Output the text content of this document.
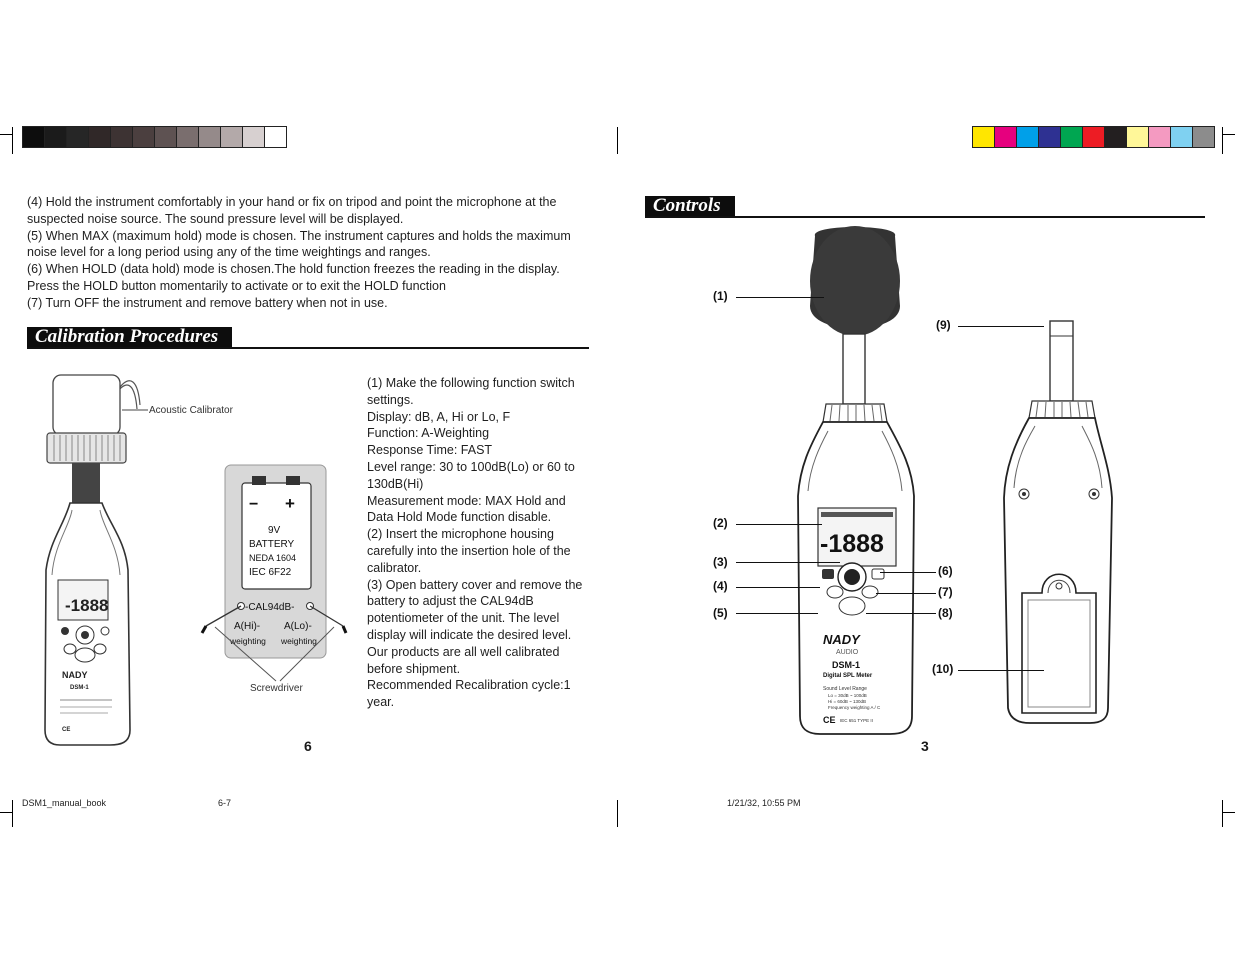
(4) Hold the instrument comfortably in your hand or fix on tripod and point the microphone at the suspected noise source. The sound pressure level will be displayed.
(5) When MAX (maximum hold) mode is chosen. The instrument captures and holds the maximum noise level for a long period using any of the time weightings and ranges.
(6) When HOLD (data hold) mode is chosen.The hold function freezes the reading in the display. Press the HOLD button momentarily to activate or to exit the HOLD function
(7) Turn OFF the instrument and remove battery when not in use.
Calibration Procedures
Acoustic Calibrator
-1888
NADY
DSM-1
CE
− +
9V
BATTERY
NEDA 1604
IEC 6F22
-CAL94dB-
A(Hi)- A(Lo)-
weighting weighting
Screwdriver
(1) Make the following function switch settings.
Display: dB, A, Hi or Lo, F
Function: A-Weighting
Response Time: FAST
Level range: 30 to 100dB(Lo) or 60 to 130dB(Hi)
Measurement mode: MAX Hold and Data Hold Mode function disable.
(2) Insert the microphone housing carefully into the insertion hole of the calibrator.
(3) Open battery cover and remove the battery to adjust the CAL94dB potentiometer of the unit. The level display will indicate the desired level. Our products are all well calibrated before shipment.
Recommended Recalibration cycle:1 year.
6
Controls
-1888
NADY
AUDIO
DSM-1
Digital SPL Meter
Sound Level Range
Lo = 30dB ~ 100dB
Hi = 60dB ~ 130dB
Frequency weighting A / C
CE IEC 651 TYPE II
(1)
(2)
(3)
(4)
(5)
(6)
(7)
(8)
(9)
(10)
3
DSM1_manual_book	6-7	1/21/32, 10:55 PM
